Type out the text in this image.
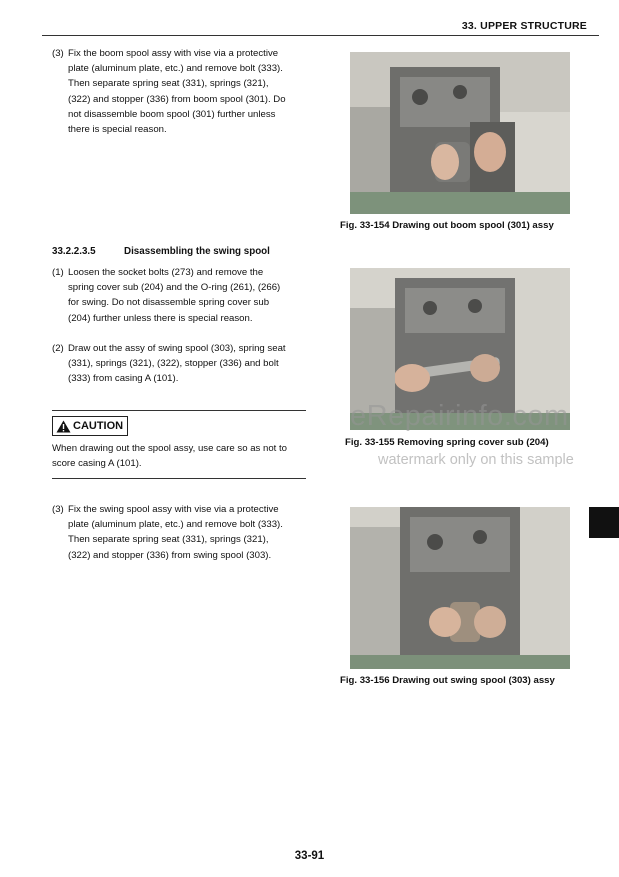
33. UPPER STRUCTURE
(3) Fix the boom spool assy with vise via a protective
plate (aluminum plate, etc.) and remove bolt (333).
Then separate spring seat (331), springs (321),
(322) and stopper (336) from boom spool (301). Do
not disassemble boom spool (301) further unless
there is special reason.
Fig. 33-154 Drawing out boom spool (301) assy
33.2.2.3.5	Disassembling the swing spool
(1) Loosen the socket bolts (273) and remove the
spring cover sub (204) and the O-ring (261), (266)
for swing. Do not disassemble spring cover sub
(204) further unless there is special reason.
(2) Draw out the assy of swing spool (303), spring seat
(331), springs (321), (322), stopper (336) and bolt
(333) from casing A (101).
CAUTION
When drawing out the spool assy, use care so as not to
score casing A (101).
Fig. 33-155 Removing spring cover sub (204)
eRepairinfo.com
watermark only on this sample
(3) Fix the swing spool assy with vise via a protective
plate (aluminum plate, etc.) and remove bolt (333).
Then separate spring seat (331), springs (321),
(322) and stopper (336) from swing spool (303).
Fig. 33-156 Drawing out swing spool (303) assy
33-91
